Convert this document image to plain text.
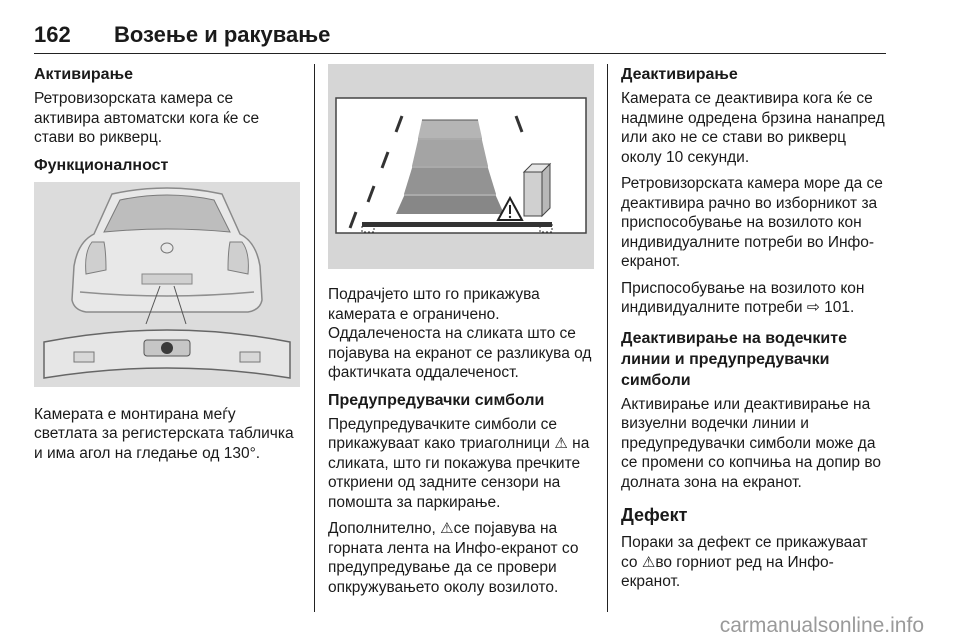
162 Возење и ракување
Активирање

Ретровизорската камера се активира автоматски кога ќе се стави во рикверц.

Функционалност

Камерата е монтирана меѓу светлата за регистерската табличка и има агол на гледање од 130°.

Подрачјето што го прикажува камерата е ограничено. Оддалеченоста на сликата што се појавува на екранот се разликува од фактичката оддалеченост.

Предупредувачки симболи

Предупредувачките симболи се прикажуваат како триаголници ⚠ на сликата, што ги покажува пречките откриени од задните сензори на помошта за паркирање.

Дополнително, ⚠се појавува на горната лента на Инфо-екранот со предупредување да се провери опкружувањето околу возилото.

Деактивирање

Камерата се деактивира кога ќе се надмине одредена брзина нанапред или ако не се стави во рикверц околу 10 секунди.

Ретровизорската камера море да се деактивира рачно во изборникот за приспособување на возилото кон индивидуалните потреби во Инфо-екранот.

Приспособување на возилото кон индивидуалните потреби ⇨ 101.

Деактивирање на водечките линии и предупредувачки симболи

Активирање или деактивирање на визуелни водечки линии и предупредувачки симболи може да се промени со копчиња на допир во долната зона на екранот.

Дефект

Пораки за дефект се прикажуваат со ⚠во горниот ред на Инфо-екранот.

carmanualsonline.info
